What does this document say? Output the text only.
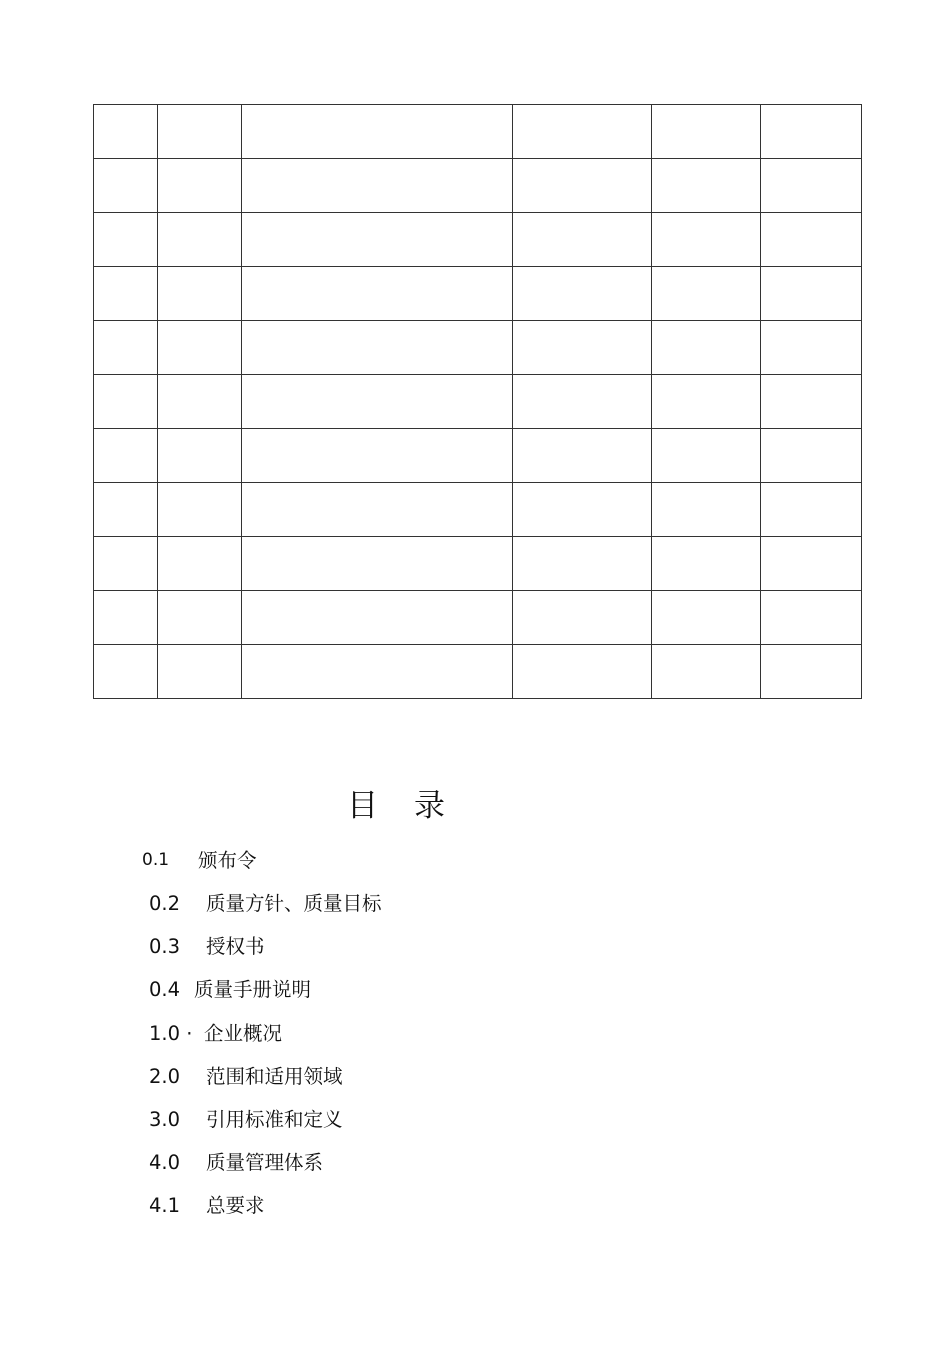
目录
0.1 颁布令
0.2 质量方针、质量目标
0.3 授权书
0.4 质量手册说明
1.0 · 企业概况
2.0 范围和适用领域
3.0 引用标准和定义
4.0 质量管理体系
4.1 总要求
